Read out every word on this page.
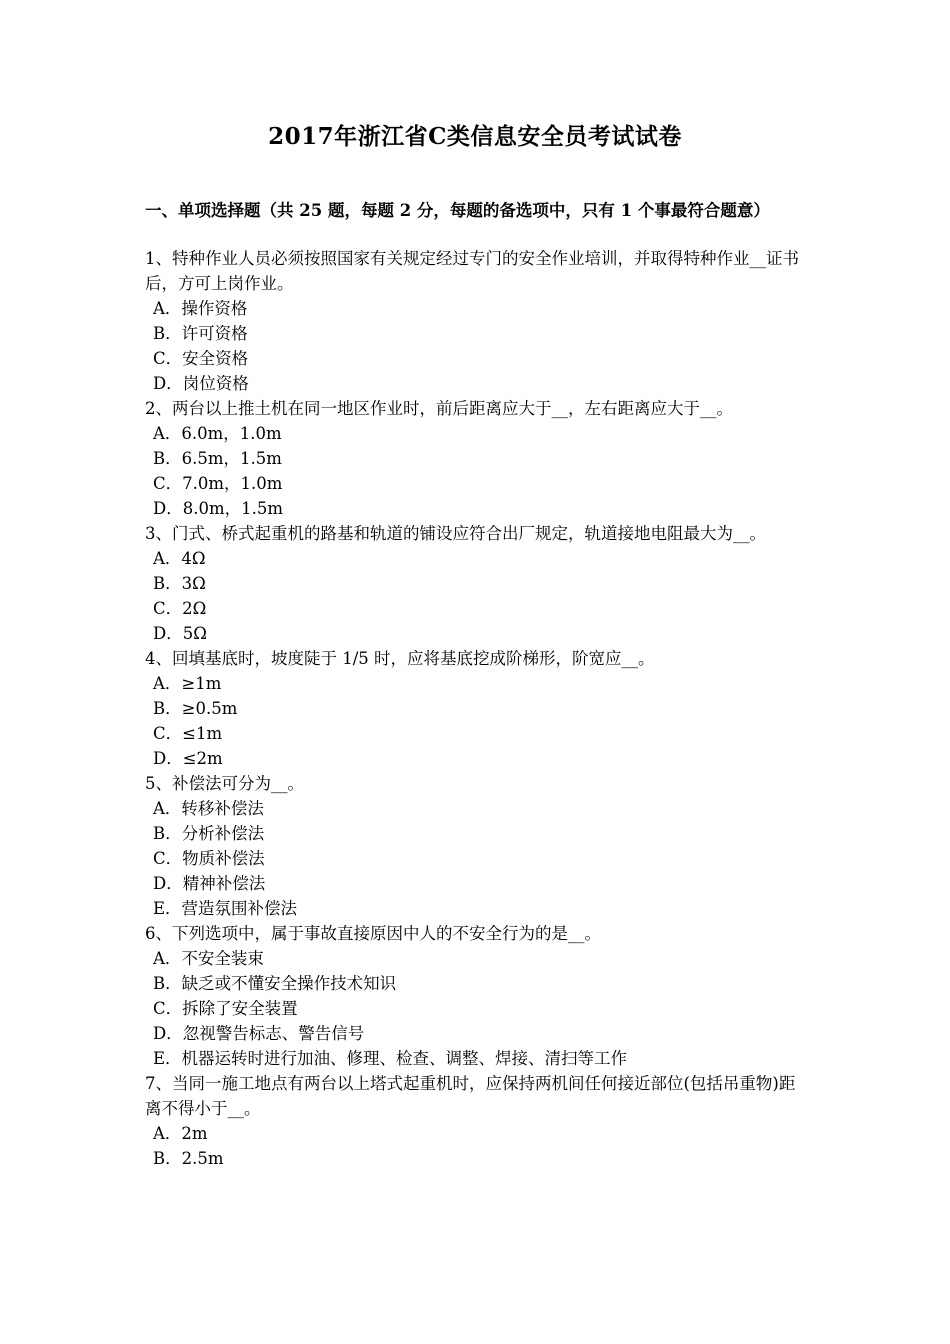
2017年浙江省C类信息安全员考试试卷
一、单项选择题（共 25 题，每题 2 分，每题的备选项中，只有 1 个事最符合题意）

1、特种作业人员必须按照国家有关规定经过专门的安全作业培训，并取得特种作业__证书后，方可上岗作业。

A．操作资格

B．许可资格

C．安全资格

D．岗位资格

2、两台以上推土机在同一地区作业时，前后距离应大于__，左右距离应大于__。

A．6.0m，1.0m

B．6.5m，1.5m

C．7.0m，1.0m

D．8.0m，1.5m

3、门式、桥式起重机的路基和轨道的铺设应符合出厂规定，轨道接地电阻最大为__。

A．4Ω

B．3Ω

C．2Ω

D．5Ω

4、回填基底时，坡度陡于 1/5 时，应将基底挖成阶梯形，阶宽应__。

A．≥1m

B．≥0.5m

C．≤1m

D．≤2m

5、补偿法可分为__。

A．转移补偿法

B．分析补偿法

C．物质补偿法

D．精神补偿法

E．营造氛围补偿法

6、下列选项中，属于事故直接原因中人的不安全行为的是__。

A．不安全装束

B．缺乏或不懂安全操作技术知识

C．拆除了安全装置

D．忽视警告标志、警告信号

E．机器运转时进行加油、修理、检查、调整、焊接、清扫等工作

7、当同一施工地点有两台以上塔式起重机时，应保持两机间任何接近部位(包括吊重物)距离不得小于__。

A．2m

B．2.5m
